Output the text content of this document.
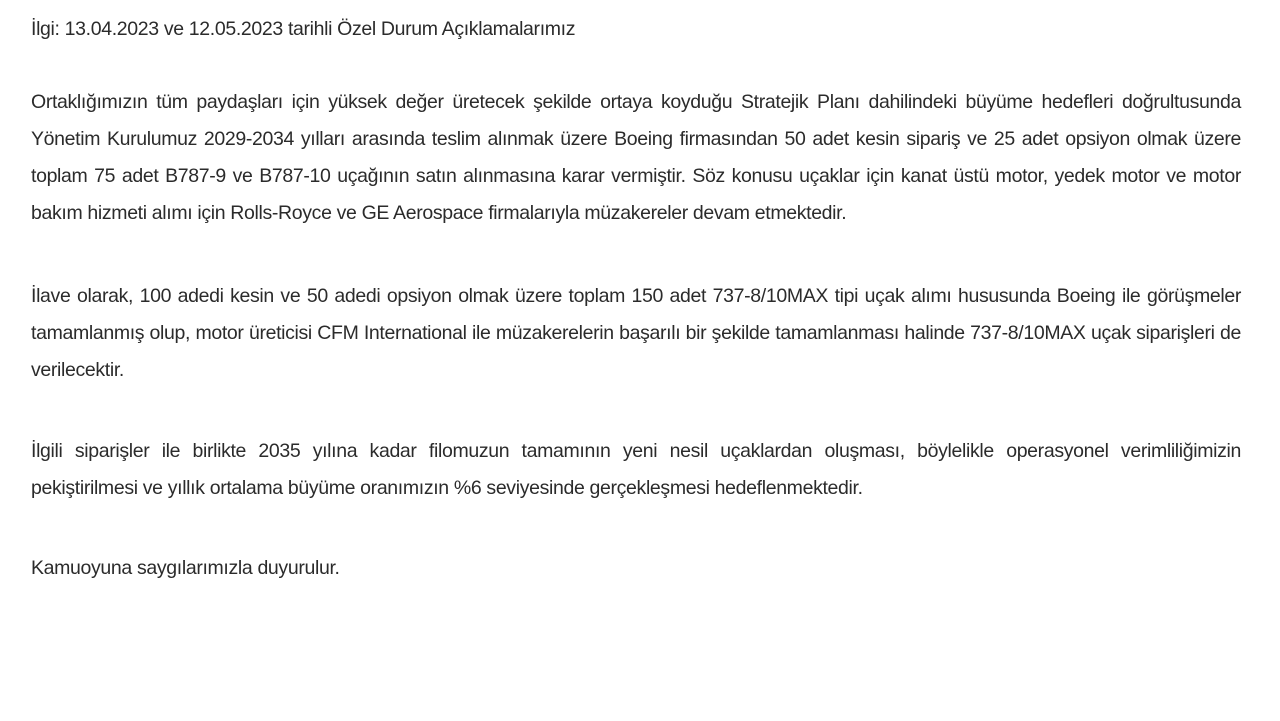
İlgi: 13.04.2023 ve 12.05.2023 tarihli Özel Durum Açıklamalarımız

Ortaklığımızın tüm paydaşları için yüksek değer üretecek şekilde ortaya koyduğu Stratejik Planı dahilindeki büyüme hedefleri doğrultusunda Yönetim Kurulumuz 2029-2034 yılları arasında teslim alınmak üzere Boeing firmasından 50 adet kesin sipariş ve 25 adet opsiyon olmak üzere toplam 75 adet B787-9 ve B787-10 uçağının satın alınmasına karar vermiştir. Söz konusu uçaklar için kanat üstü motor, yedek motor ve motor bakım hizmeti alımı için Rolls-Royce ve GE Aerospace firmalarıyla müzakereler devam etmektedir.

İlave olarak, 100 adedi kesin ve 50 adedi opsiyon olmak üzere toplam 150 adet 737-8/10MAX tipi uçak alımı hususunda Boeing ile görüşmeler tamamlanmış olup, motor üreticisi CFM International ile müzakerelerin başarılı bir şekilde tamamlanması halinde 737-8/10MAX uçak siparişleri de verilecektir.

İlgili siparişler ile birlikte 2035 yılına kadar filomuzun tamamının yeni nesil uçaklardan oluşması, böylelikle operasyonel verimliliğimizin pekiştirilmesi ve yıllık ortalama büyüme oranımızın %6 seviyesinde gerçekleşmesi hedeflenmektedir.

Kamuoyuna saygılarımızla duyurulur.
